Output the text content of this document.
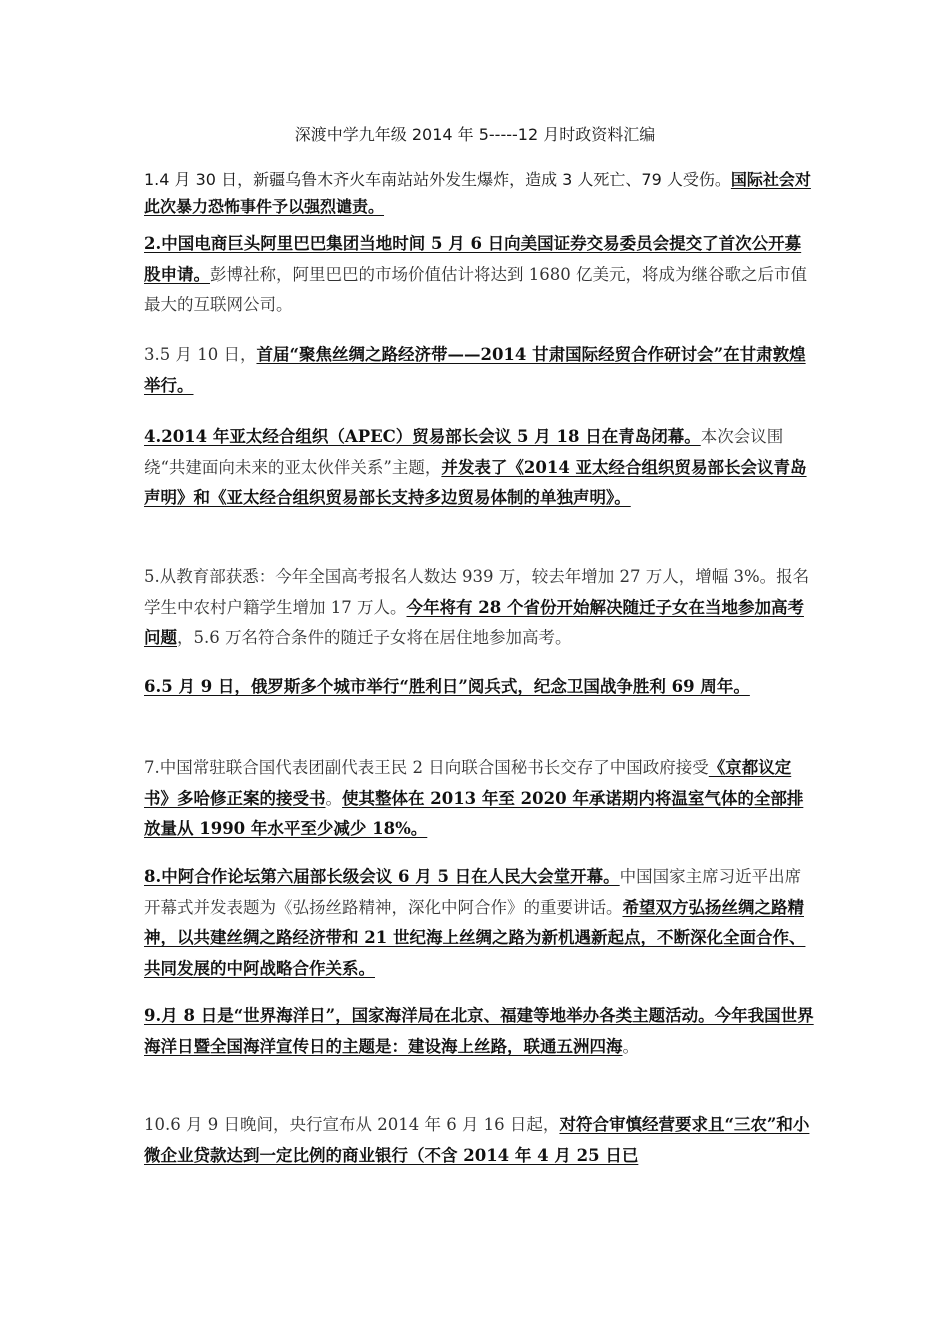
深渡中学九年级 2014 年 5-----12 月时政资料汇编

1.4 月 30 日，新疆乌鲁木齐火车南站站外发生爆炸，造成 3 人死亡、79 人受伤。国际社会对此次暴力恐怖事件予以强烈谴责。

2.中国电商巨头阿里巴巴集团当地时间 5 月 6 日向美国证券交易委员会提交了首次公开募股申请。彭博社称，阿里巴巴的市场价值估计将达到 1680 亿美元，将成为继谷歌之后市值最大的互联网公司。

3.5 月 10 日，首届“聚焦丝绸之路经济带——2014 甘肃国际经贸合作研讨会”在甘肃敦煌举行。

4.2014 年亚太经合组织（APEC）贸易部长会议 5 月 18 日在青岛闭幕。本次会议围绕“共建面向未来的亚太伙伴关系”主题，并发表了《2014 亚太经合组织贸易部长会议青岛声明》和《亚太经合组织贸易部长支持多边贸易体制的单独声明》。

5.从教育部获悉：今年全国高考报名人数达 939 万，较去年增加 27 万人，增幅 3%。报名学生中农村户籍学生增加 17 万人。今年将有 28 个省份开始解决随迁子女在当地参加高考问题，5.6 万名符合条件的随迁子女将在居住地参加高考。

6.5 月 9 日，俄罗斯多个城市举行“胜利日”阅兵式，纪念卫国战争胜利 69 周年。

7.中国常驻联合国代表团副代表王民 2 日向联合国秘书长交存了中国政府接受《京都议定书》多哈修正案的接受书。使其整体在 2013 年至 2020 年承诺期内将温室气体的全部排放量从 1990 年水平至少减少 18%。

8.中阿合作论坛第六届部长级会议 6 月 5 日在人民大会堂开幕。中国国家主席习近平出席开幕式并发表题为《弘扬丝路精神，深化中阿合作》的重要讲话。希望双方弘扬丝绸之路精神，以共建丝绸之路经济带和 21 世纪海上丝绸之路为新机遇新起点，不断深化全面合作、共同发展的中阿战略合作关系。

9.月 8 日是“世界海洋日”，国家海洋局在北京、福建等地举办各类主题活动。今年我国世界海洋日暨全国海洋宣传日的主题是：建设海上丝路，联通五洲四海。

10.6 月 9 日晚间，央行宣布从 2014 年 6 月 16 日起，对符合审慎经营要求且“三农”和小微企业贷款达到一定比例的商业银行（不含 2014 年 4 月 25 日已
